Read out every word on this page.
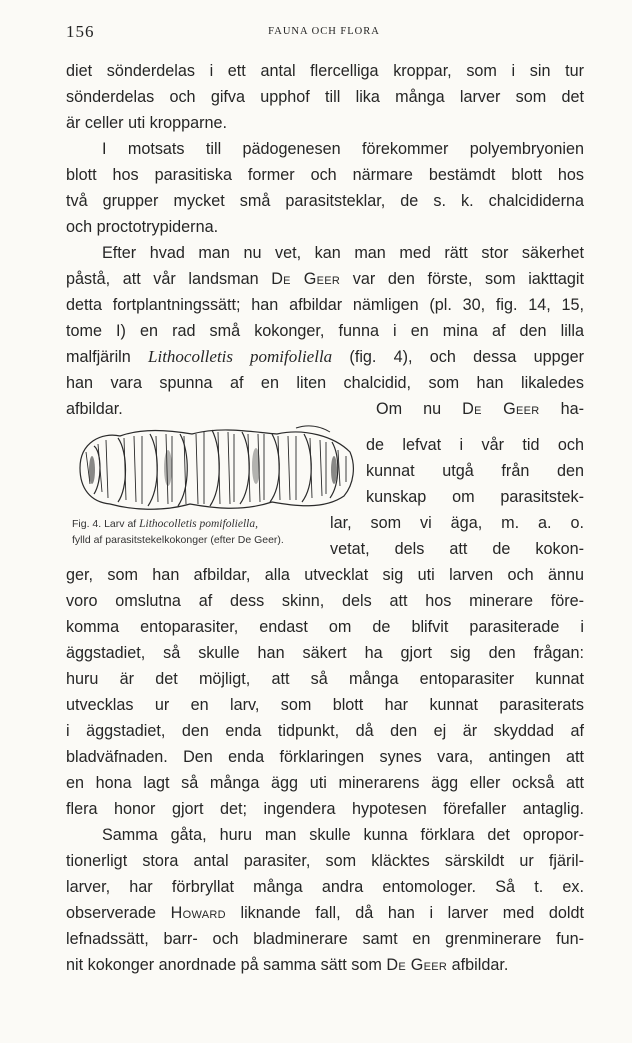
156	FAUNA OCH FLORA
diet sönderdelas i ett antal flercelliga kroppar, som i sin tur
sönderdelas och gifva upphof till lika många larver som det
är celler uti kropparne.
I motsats till pädogenesen förekommer polyembryonien
blott hos parasitiska former och närmare bestämdt blott hos
två grupper mycket små parasitsteklar, de s. k. chalcididerna
och proctotrypiderna.
Efter hvad man nu vet, kan man med rätt stor säkerhet
påstå, att vår landsman De Geer var den förste, som iakttagit
detta fortplantningssätt; han afbildar nämligen (pl. 30, fig. 14, 15,
tome I) en rad små kokonger, funna i en mina af den lilla
malfjäriln Lithocolletis pomifoliella (fig. 4), och dessa uppger
han vara spunna af en liten chalcidid, som han likaledes
afbildar.	Om nu De Geer ha-
de lefvat i vår tid och
kunnat utgå från den
kunskap om parasitstek-
Fig. 4. Larv af Lithocolletis pomifoliella,
fylld af parasitstekelkokonger (efter De Geer).
lar, som vi äga, m. a. o.
vetat, dels att de kokon-
ger, som han afbildar, alla utvecklat sig uti larven och ännu
voro omslutna af dess skinn, dels att hos minerare före-
komma entoparasiter, endast om de blifvit parasiterade i
äggstadiet, så skulle han säkert ha gjort sig den frågan:
huru är det möjligt, att så många entoparasiter kunnat
utvecklas ur en larv, som blott har kunnat parasiterats
i äggstadiet, den enda tidpunkt, då den ej är skyddad af
bladväfnaden. Den enda förklaringen synes vara, antingen att
en hona lagt så många ägg uti minerarens ägg eller också att
flera honor gjort det; ingendera hypotesen förefaller antaglig.
Samma gåta, huru man skulle kunna förklara det opropor-
tionerligt stora antal parasiter, som kläcktes särskildt ur fjäril-
larver, har förbryllat många andra entomologer. Så t. ex.
observerade Howard liknande fall, då han i larver med doldt
lefnadssätt, barr- och bladminerare samt en grenminerare fun-
nit kokonger anordnade på samma sätt som De Geer afbildar.
